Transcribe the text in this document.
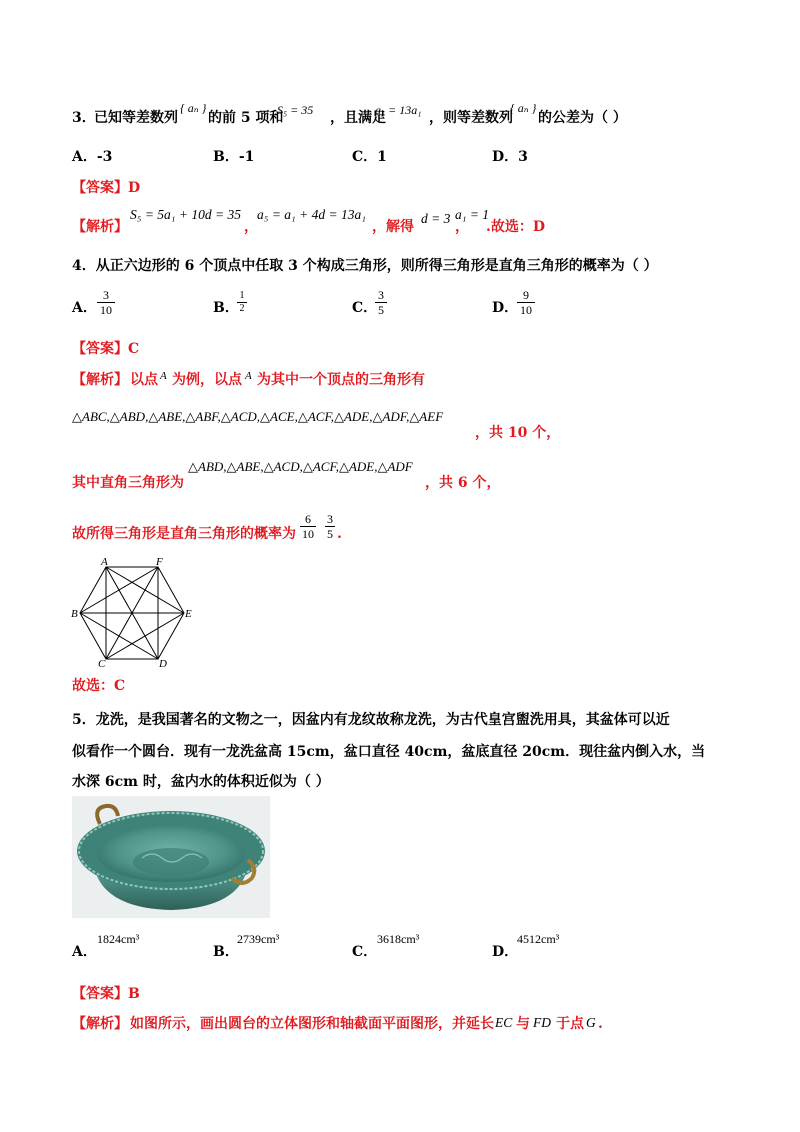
3．
已知等差数列
{ aₙ }
的前 5 项和
S₅ = 35 ，且满足
a₅ = 13a₁ ，则等差数列
{ aₙ }
的公差为（ ）
A．-3	B．-1	C．1	D．3
【答案】D
【解析】
S₅ = 5a₁ + 10d = 35
，
a₅ = a₁ + 4d = 13a₁
，解得
d = 3
，
a₁ = 1
.故选：D
4．从正六边形的 6 个顶点中任取 3 个构成三角形，则所得三角形是直角三角形的概率为（ ）
A．
3
10	B．
1
2	C．
3
5	D．
9
10
【答案】C
【解析】 以点 A 为例，以点 A 为其中一个顶点的三角形有
△ABC,△ABD,△ABE,△ABF,△ACD,△ACE,△ACF,△ADE,△ADF,△AEF
，共 10 个，
其中直角三角形为
△ABD,△ABE,△ACD,△ACF,△ADE,△ADF
，共 6 个，
故所得三角形是直角三角形的概率为
6
10
3
5 .
A	F
B	E
C	D
故选：C
5．龙洗，是我国著名的文物之一，因盆内有龙纹故称龙洗，为古代皇宫盥洗用具，其盆体可以近
似看作一个圆台．现有一龙洗盆高 15cm，盆口直径 40cm，盆底直径 20cm．现往盆内倒入水，当
水深 6cm 时，盆内水的体积近似为（ ）
A．
1824cm³
B．
2739cm³
C．
3618cm³
D．
4512cm³
【答案】B
【解析】 如图所示，画出圆台的立体图形和轴截面平面图形，并延长 EC 与 FD 于点 G .
